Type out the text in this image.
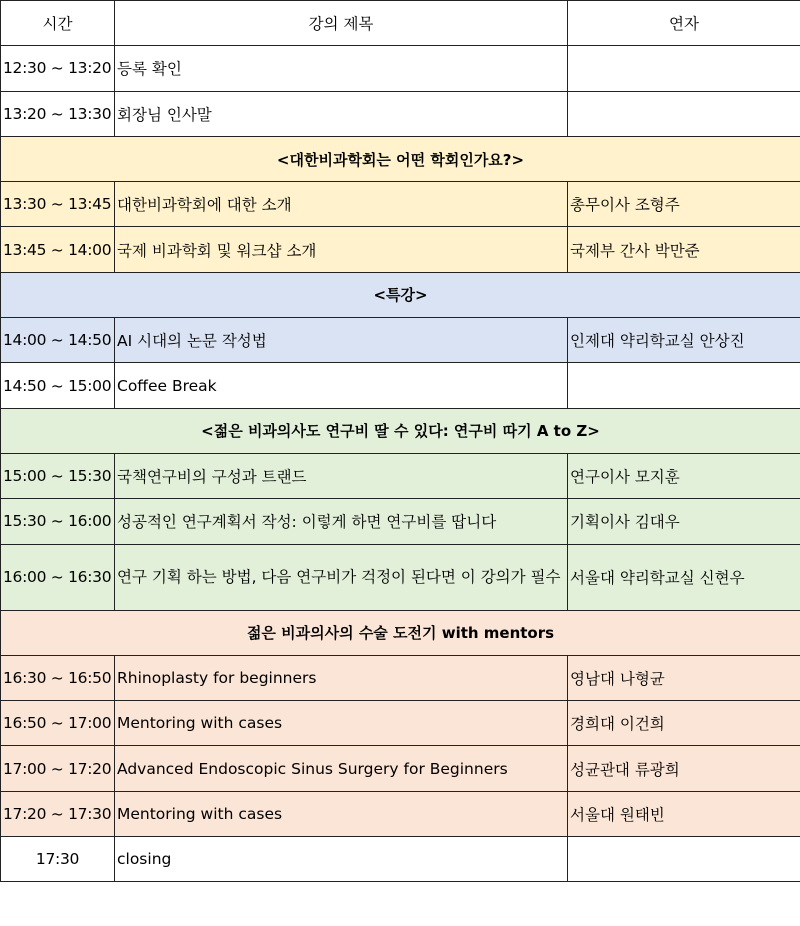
시간	강의 제목	연자
12:30 ~ 13:20	등록 확인	
13:20 ~ 13:30	회장님 인사말	
<대한비과학회는 어떤 학회인가요?>		
13:30 ~ 13:45	대한비과학회에 대한 소개	총무이사 조형주
13:45 ~ 14:00	국제 비과학회 및 워크샵 소개	국제부 간사 박만준
<특강>		
14:00 ~ 14:50	AI 시대의 논문 작성법	인제대 약리학교실 안상진
14:50 ~ 15:00	Coffee Break	
<젊은 비과의사도 연구비 딸 수 있다: 연구비 따기 A to Z>		
15:00 ~ 15:30	국책연구비의 구성과 트랜드	연구이사 모지훈
15:30 ~ 16:00	성공적인 연구계획서 작성: 이렇게 하면 연구비를 땁니다	기획이사 김대우
16:00 ~ 16:30	연구 기획 하는 방법, 다음 연구비가 걱정이 된다면 이 강의가 필수	서울대 약리학교실 신현우
젊은 비과의사의 수술 도전기 with mentors		
16:30 ~ 16:50	Rhinoplasty for beginners	영남대 나형균
16:50 ~ 17:00	Mentoring with cases	경희대 이건희
17:00 ~ 17:20	Advanced Endoscopic Sinus Surgery for Beginners	성균관대 류광희
17:20 ~ 17:30	Mentoring with cases	서울대 원태빈
17:30	closing	
